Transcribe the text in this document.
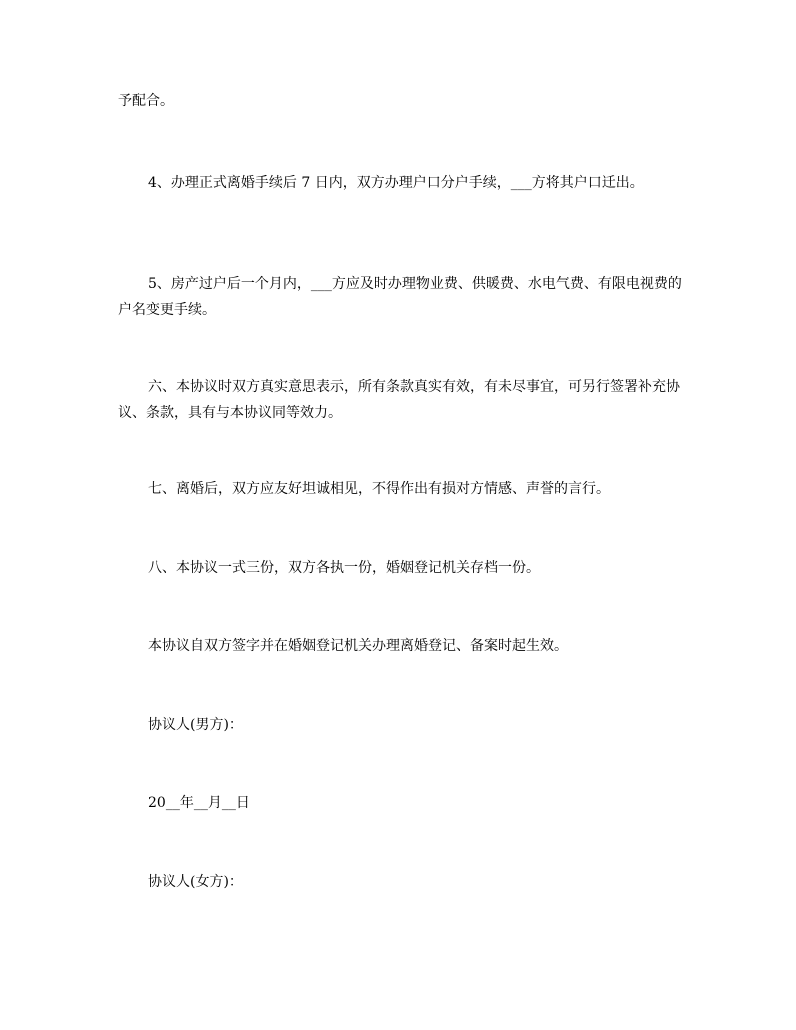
予配合。

4、办理正式离婚手续后 7 日内，双方办理户口分户手续，___方将其户口迁出。

5、房产过户后一个月内，___方应及时办理物业费、供暖费、水电气费、有限电视费的户名变更手续。

六、本协议时双方真实意思表示，所有条款真实有效，有未尽事宜，可另行签署补充协议、条款，具有与本协议同等效力。

七、离婚后，双方应友好坦诚相见，不得作出有损对方情感、声誉的言行。

八、本协议一式三份，双方各执一份，婚姻登记机关存档一份。

本协议自双方签字并在婚姻登记机关办理离婚登记、备案时起生效。

协议人(男方)：

20__年__月__日

协议人(女方)：
